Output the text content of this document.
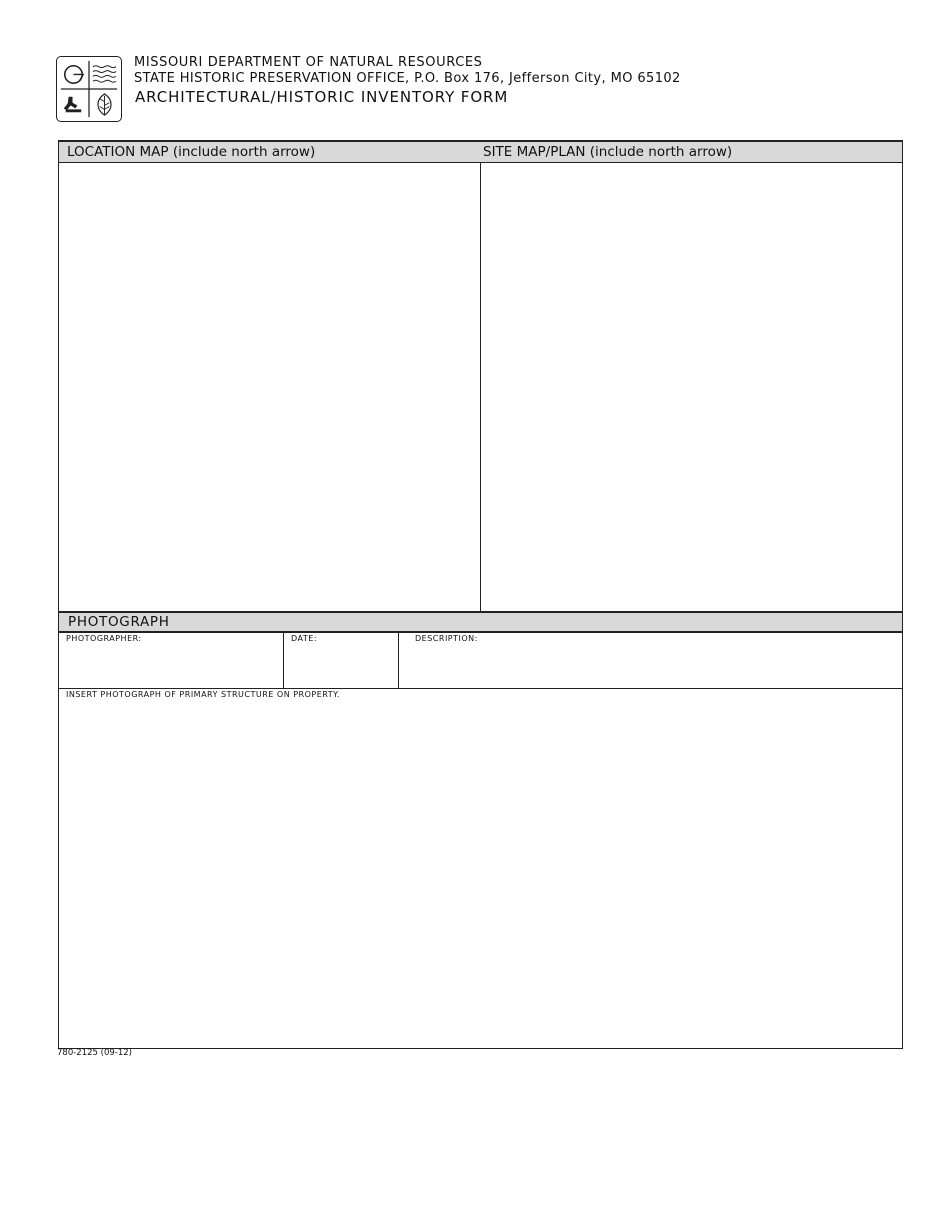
MISSOURI DEPARTMENT OF NATURAL RESOURCES
STATE HISTORIC PRESERVATION OFFICE, P.O. Box 176, Jefferson City, MO 65102
ARCHITECTURAL/HISTORIC INVENTORY FORM
LOCATION MAP (include north arrow)	SITE MAP/PLAN (include north arrow)
PHOTOGRAPH
PHOTOGRAPHER:	DATE:	DESCRIPTION:
INSERT PHOTOGRAPH OF PRIMARY STRUCTURE ON PROPERTY.
780-2125 (09-12)
